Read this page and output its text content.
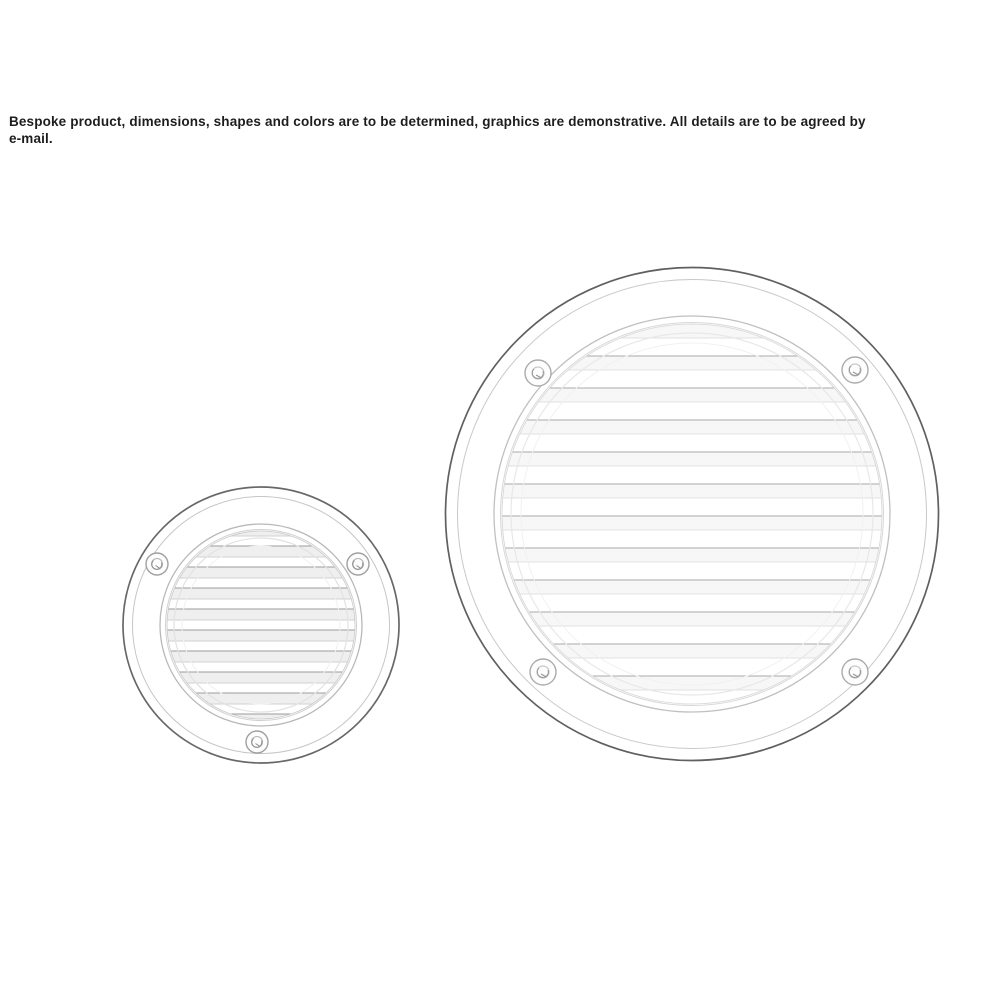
Bespoke product, dimensions, shapes and colors are to be determined, graphics are demonstrative. All details are to be agreed by
e-mail.
